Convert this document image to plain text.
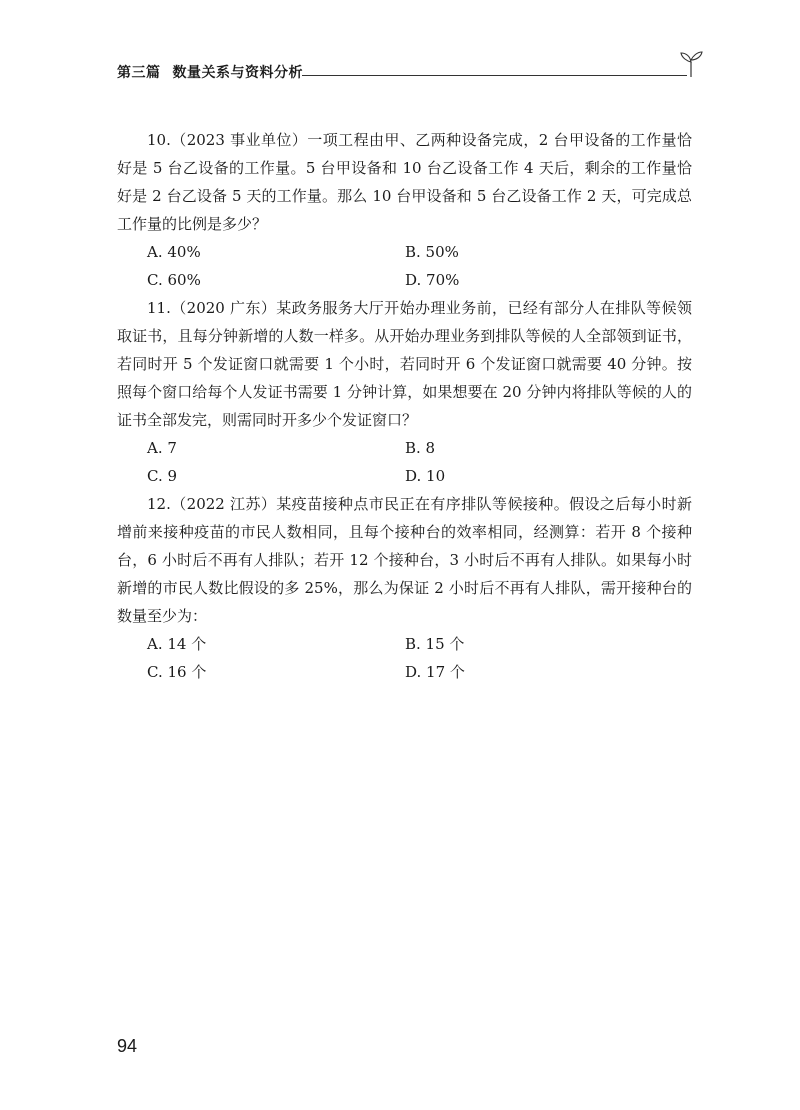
第三篇 数量关系与资料分析

10.（2023 事业单位）一项工程由甲、乙两种设备完成，2 台甲设备的工作量恰好是 5 台乙设备的工作量。5 台甲设备和 10 台乙设备工作 4 天后，剩余的工作量恰好是 2 台乙设备 5 天的工作量。那么 10 台甲设备和 5 台乙设备工作 2 天，可完成总工作量的比例是多少？

A. 40%	B. 50%
C. 60%	D. 70%

11.（2020 广东）某政务服务大厅开始办理业务前，已经有部分人在排队等候领取证书，且每分钟新增的人数一样多。从开始办理业务到排队等候的人全部领到证书，若同时开 5 个发证窗口就需要 1 个小时，若同时开 6 个发证窗口就需要 40 分钟。按照每个窗口给每个人发证书需要 1 分钟计算，如果想要在 20 分钟内将排队等候的人的证书全部发完，则需同时开多少个发证窗口？

A. 7	B. 8
C. 9	D. 10

12.（2022 江苏）某疫苗接种点市民正在有序排队等候接种。假设之后每小时新增前来接种疫苗的市民人数相同，且每个接种台的效率相同，经测算：若开 8 个接种台，6 小时后不再有人排队；若开 12 个接种台，3 小时后不再有人排队。如果每小时新增的市民人数比假设的多 25%，那么为保证 2 小时后不再有人排队，需开接种台的数量至少为：

A. 14 个	B. 15 个
C. 16 个	D. 17 个
94
